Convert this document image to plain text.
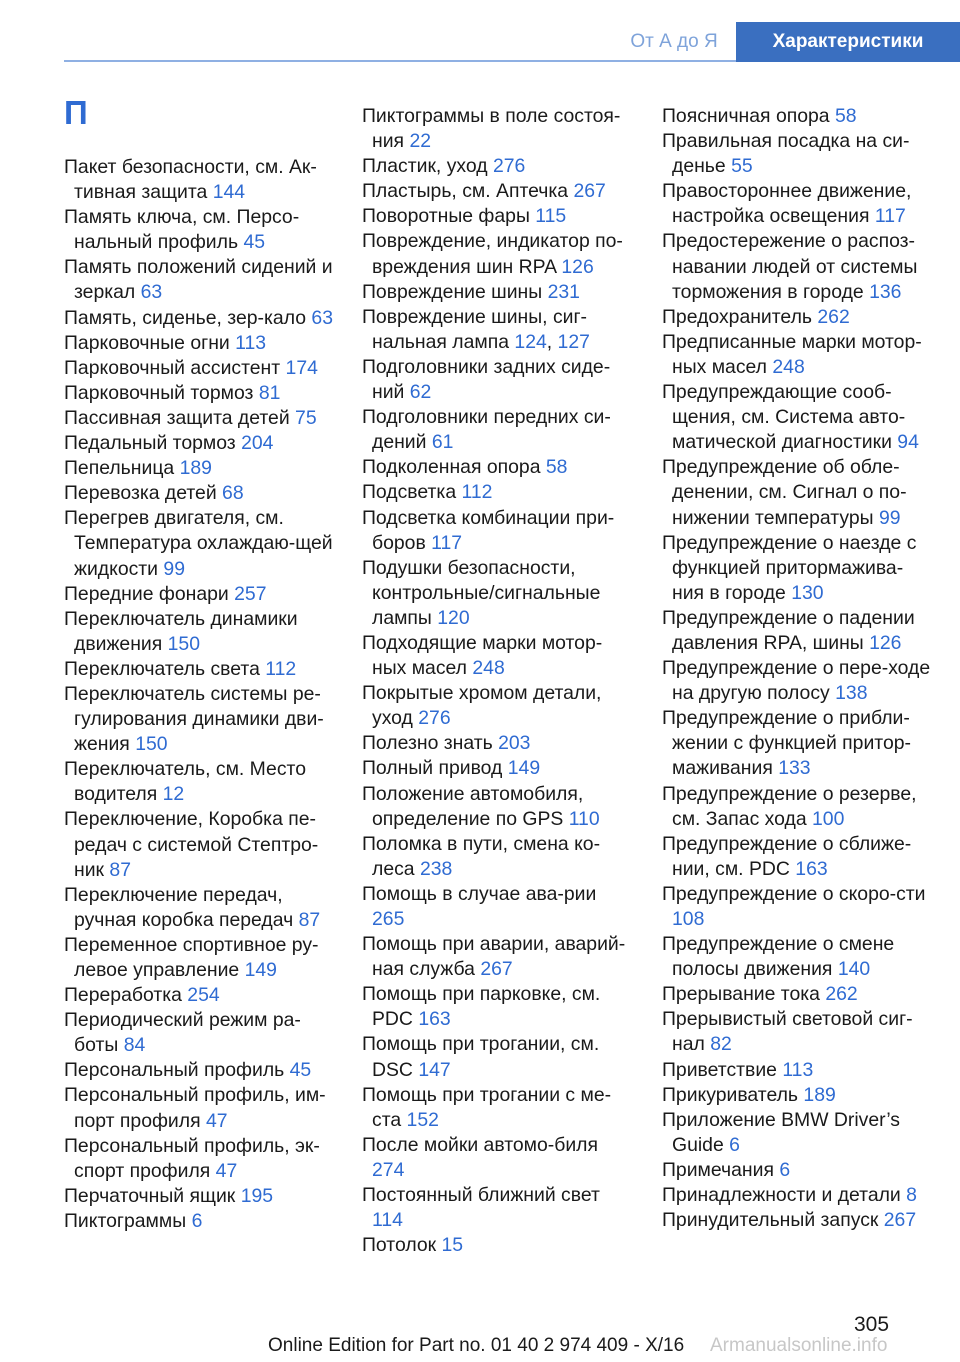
От А до Я	Характеристики
П
Пакет безопасности, см. Ак-тивная защита 144
Память ключа, см. Персо-нальный профиль 45
Память положений сидений и зеркал 63
Память, сиденье, зер-кало 63
Парковочные огни 113
Парковочный ассистент 174
Парковочный тормоз 81
Пассивная защита детей 75
Педальный тормоз 204
Пепельница 189
Перевозка детей 68
Перегрев двигателя, см. Температура охлаждаю-щей жидкости 99
Передние фонари 257
Переключатель динамики движения 150
Переключатель света 112
Переключатель системы ре-гулирования динамики дви-жения 150
Переключатель, см. Место водителя 12
Переключение, Коробка пе-редач с системой Стептро-ник 87
Переключение передач, ручная коробка передач 87
Переменное спортивное ру-левое управление 149
Переработка 254
Периодический режим ра-боты 84
Персональный профиль 45
Персональный профиль, им-порт профиля 47
Персональный профиль, эк-спорт профиля 47
Перчаточный ящик 195
Пиктограммы 6
Пиктограммы в поле состоя-ния 22
Пластик, уход 276
Пластырь, см. Аптечка 267
Поворотные фары 115
Повреждение, индикатор по-вреждения шин RPA 126
Повреждение шины 231
Повреждение шины, сиг-нальная лампа 124, 127
Подголовники задних сиде-ний 62
Подголовники передних си-дений 61
Подколенная опора 58
Подсветка 112
Подсветка комбинации при-боров 117
Подушки безопасности, контрольные/сигнальные лампы 120
Подходящие марки мотор-ных масел 248
Покрытые хромом детали, уход 276
Полезно знать 203
Полный привод 149
Положение автомобиля, определение по GPS 110
Поломка в пути, смена ко-леса 238
Помощь в случае ава-рии 265
Помощь при аварии, аварий-ная служба 267
Помощь при парковке, см. PDC 163
Помощь при трогании, см. DSC 147
Помощь при трогании с ме-ста 152
После мойки автомо-биля 274
Постоянный ближний свет 114
Потолок 15
Поясничная опора 58
Правильная посадка на си-денье 55
Правостороннее движение, настройка освещения 117
Предостережение о распоз-навании людей от системы торможения в городе 136
Предохранитель 262
Предписанные марки мотор-ных масел 248
Предупреждающие сооб-щения, см. Система авто-матической диагностики 94
Предупреждение об обле-денении, см. Сигнал о по-нижении температуры 99
Предупреждение о наезде с функцией притормажива-ния в городе 130
Предупреждение о падении давления RPA, шины 126
Предупреждение о пере-ходе на другую полосу 138
Предупреждение о прибли-жении с функцией притор-маживания 133
Предупреждение о резерве, см. Запас хода 100
Предупреждение о сближе-нии, см. PDC 163
Предупреждение о скоро-сти 108
Предупреждение о смене полосы движения 140
Прерывание тока 262
Прерывистый световой сиг-нал 82
Приветствие 113
Прикуриватель 189
Приложение BMW Driver’s Guide 6
Примечания 6
Принадлежности и детали 8
Принудительный запуск 267
305
Online Edition for Part no. 01 40 2 974 409 - X/16 Armanualsonline.info
